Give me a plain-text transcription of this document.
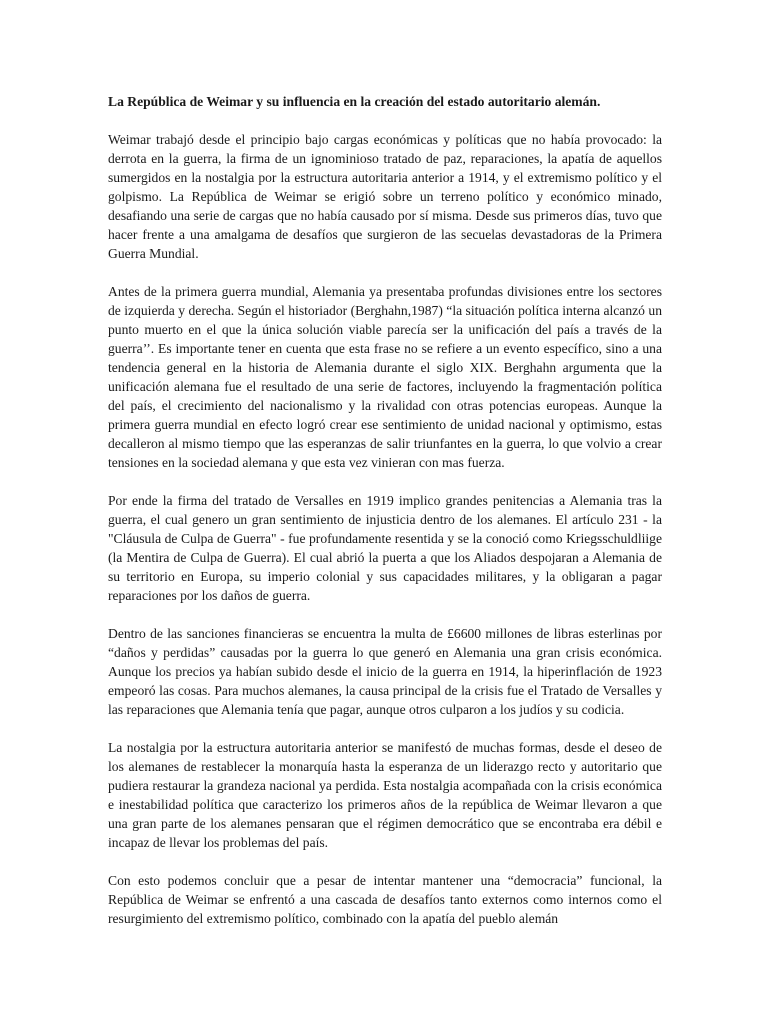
La República de Weimar y su influencia en la creación del estado autoritario alemán.

Weimar trabajó desde el principio bajo cargas económicas y políticas que no había provocado: la derrota en la guerra, la firma de un ignominioso tratado de paz, reparaciones, la apatía de aquellos sumergidos en la nostalgia por la estructura autoritaria anterior a 1914, y el extremismo político y el golpismo. La República de Weimar se erigió sobre un terreno político y económico minado, desafiando una serie de cargas que no había causado por sí misma. Desde sus primeros días, tuvo que hacer frente a una amalgama de desafíos que surgieron de las secuelas devastadoras de la Primera Guerra Mundial.

Antes de la primera guerra mundial, Alemania ya presentaba profundas divisiones entre los sectores de izquierda y derecha. Según el historiador (Berghahn,1987) “la situación política interna alcanzó un punto muerto en el que la única solución viable parecía ser la unificación del país a través de la guerra’’. Es importante tener en cuenta que esta frase no se refiere a un evento específico, sino a una tendencia general en la historia de Alemania durante el siglo XIX. Berghahn argumenta que la unificación alemana fue el resultado de una serie de factores, incluyendo la fragmentación política del país, el crecimiento del nacionalismo y la rivalidad con otras potencias europeas. Aunque la primera guerra mundial en efecto logró crear ese sentimiento de unidad nacional y optimismo, estas decalleron al mismo tiempo que las esperanzas de salir triunfantes en la guerra, lo que volvio a crear tensiones en la sociedad alemana y que esta vez vinieran con mas fuerza.

Por ende la firma del tratado de Versalles en 1919 implico grandes penitencias a Alemania tras la guerra, el cual genero un gran sentimiento de injusticia dentro de los alemanes. El artículo 231 - la "Cláusula de Culpa de Guerra" - fue profundamente resentida y se la conoció como Kriegsschuldliige (la Mentira de Culpa de Guerra). El cual abrió la puerta a que los Aliados despojaran a Alemania de su territorio en Europa, su imperio colonial y sus capacidades militares, y la obligaran a pagar reparaciones por los daños de guerra.

Dentro de las sanciones financieras se encuentra la multa de £6600 millones de libras esterlinas por “daños y perdidas” causadas por la guerra lo que generó en Alemania una gran crisis económica. Aunque los precios ya habían subido desde el inicio de la guerra en 1914, la hiperinflación de 1923 empeoró las cosas. Para muchos alemanes, la causa principal de la crisis fue el Tratado de Versalles y las reparaciones que Alemania tenía que pagar, aunque otros culparon a los judíos y su codicia.

La nostalgia por la estructura autoritaria anterior se manifestó de muchas formas, desde el deseo de los alemanes de restablecer la monarquía hasta la esperanza de un liderazgo recto y autoritario que pudiera restaurar la grandeza nacional ya perdida. Esta nostalgia acompañada con la crisis económica e inestabilidad política que caracterizo los primeros años de la república de Weimar llevaron a que una gran parte de los alemanes pensaran que el régimen democrático que se encontraba era débil e incapaz de llevar los problemas del país.

Con esto podemos concluir que a pesar de intentar mantener una “democracia” funcional, la República de Weimar se enfrentó a una cascada de desafíos tanto externos como internos como el resurgimiento del extremismo político, combinado con la apatía del pueblo alemán
